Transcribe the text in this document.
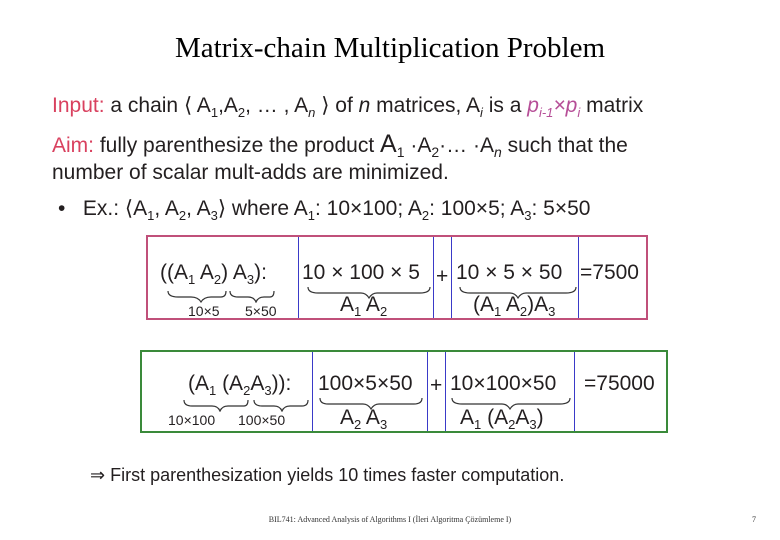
Matrix-chain Multiplication Problem
Input: a chain ⟨ $A_1,A_2$, … , $A_n$ ⟩ of n matrices, $A_i$ is a $p_{i-1}\times p_i$ matrix
Aim: fully parenthesize the product $A_1$ $\cdot A_2\cdot\dots \cdot A_n$ such that the
number of scalar mult-adds are minimized.
• Ex.: $⟨A_1$, $A_2$, $A_3⟩$ where $A_1$: 10×100; $A_2$: 100×5; $A_3$: 5×50
(($A_1$ $A_2$) $A_3$):
10×5 5×50
10 × 100 × 5
$A_1$ $A_2$
+ 10 × 5 × 50
($A_1$ $A_2)A_3$
=7500
($A_1$ $(A_2A_3)$):
10×100 100×50
100×5×50
$A_2$ $A_3$
+ 10×100×50
$A_1$ $(A_2A_3)$
=75000
⇒ First parenthesization yields 10 times faster computation.
BIL741: Advanced Analysis of Algorithms I (İleri Algoritma Çözümleme I)	7
